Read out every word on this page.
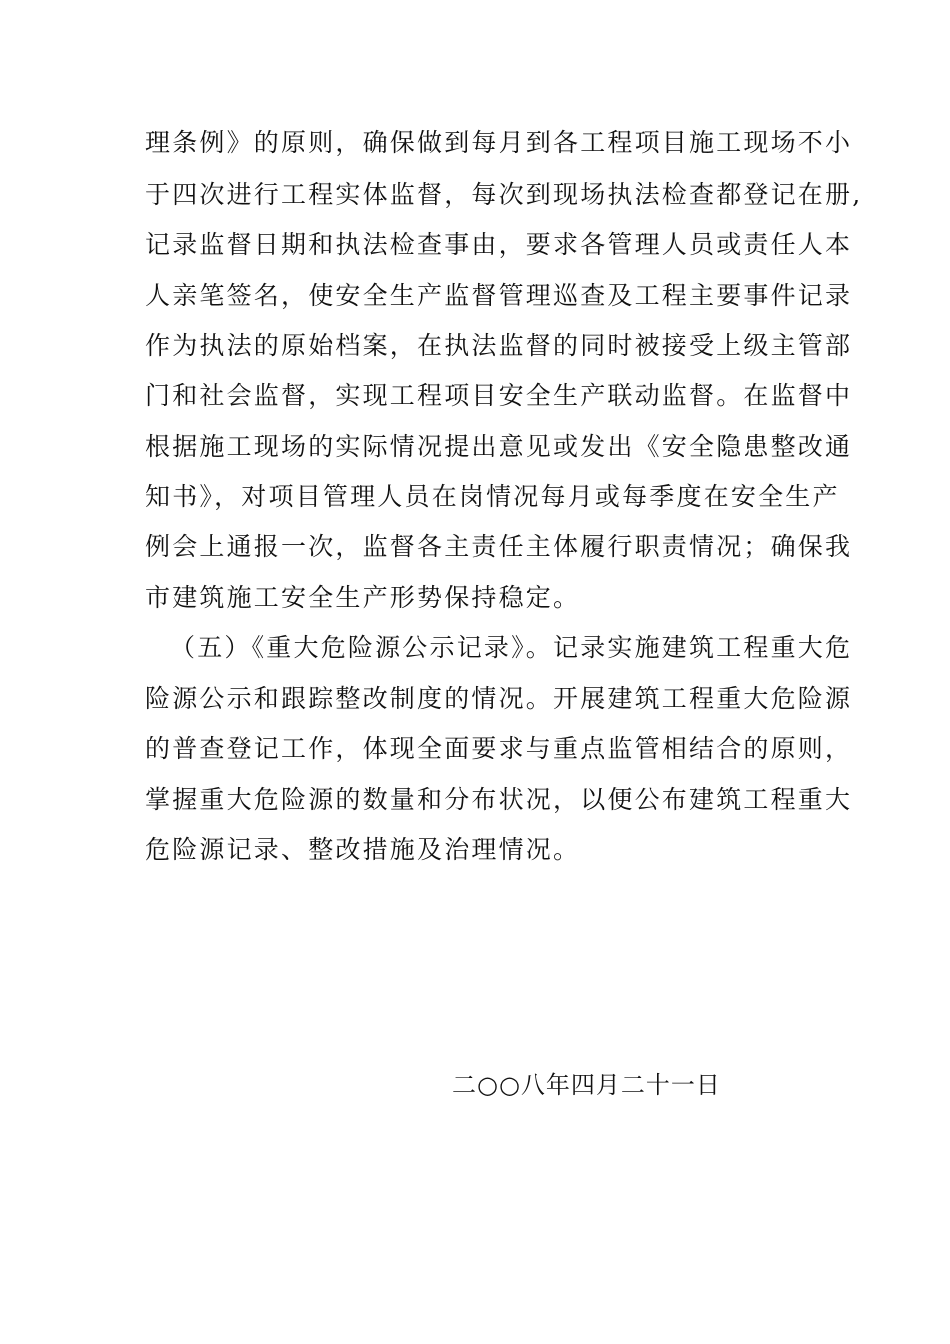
理条例》的原则，确保做到每月到各工程项目施工现场不小
于四次进行工程实体监督，每次到现场执法检查都登记在册,
记录监督日期和执法检查事由，要求各管理人员或责任人本
人亲笔签名，使安全生产监督管理巡查及工程主要事件记录
作为执法的原始档案，在执法监督的同时被接受上级主管部
门和社会监督，实现工程项目安全生产联动监督。在监督中
根据施工现场的实际情况提出意见或发出《安全隐患整改通
知书》，对项目管理人员在岗情况每月或每季度在安全生产
例会上通报一次，监督各主责任主体履行职责情况；确保我
市建筑施工安全生产形势保持稳定。
（五）《重大危险源公示记录》。记录实施建筑工程重大危
险源公示和跟踪整改制度的情况。开展建筑工程重大危险源
的普查登记工作，体现全面要求与重点监管相结合的原则，
掌握重大危险源的数量和分布状况，以便公布建筑工程重大
危险源记录、整改措施及治理情况。
二○○八年四月二十一日
